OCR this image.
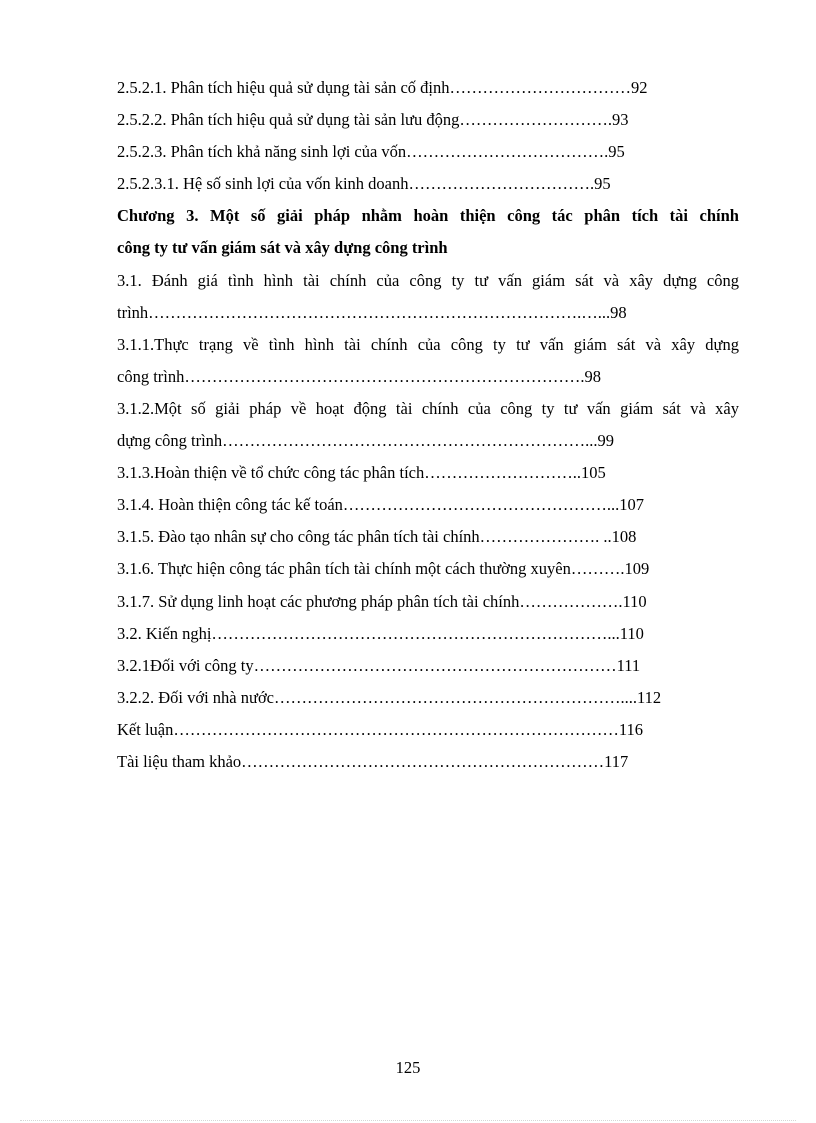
2.5.2.1. Phân tích hiệu quả sử dụng tài sản cố định……………………………92
2.5.2.2. Phân tích hiệu quả sử dụng tài sản lưu động……………………….93
2.5.2.3. Phân tích khả năng sinh lợi của vốn……………………………….95
2.5.2.3.1. Hệ số sinh lợi của vốn kinh doanh…………………………….95
Chương 3. Một số giải pháp nhằm hoàn thiện công tác phân tích tài chính
công ty tư vấn giám sát và xây dựng công trình
3.1. Đánh giá tình hình tài chính của công ty tư vấn giám sát và xây dựng công
trình…………………………………………………………………….…...98
3.1.1.Thực trạng về tình hình tài chính của công ty tư vấn giám sát và xây dựng
công trình……………………………………………………………….98
3.1.2.Một số giải pháp về hoạt động tài chính của công ty tư vấn giám sát và xây
dựng công trình…………………………………………………………...99
3.1.3.Hoàn thiện về tổ chức công tác phân tích………………………..105
3.1.4. Hoàn thiện công tác kế toán…………………………………………...107
3.1.5. Đào tạo nhân sự cho công tác phân tích tài chính…………………. ..108
3.1.6. Thực hiện công tác phân tích tài chính một cách thường xuyên……….109
3.1.7. Sử dụng linh hoạt các phương pháp phân tích tài chính……………….110
3.2. Kiến nghị………………………………………………………………...110
3.2.1Đối với công ty…………………………………………………………111
3.2.2. Đối với nhà nước………………………………………………………....112
Kết luận………………………………………………………………………116
Tài liệu tham khảo…………………………………………………………117
125
